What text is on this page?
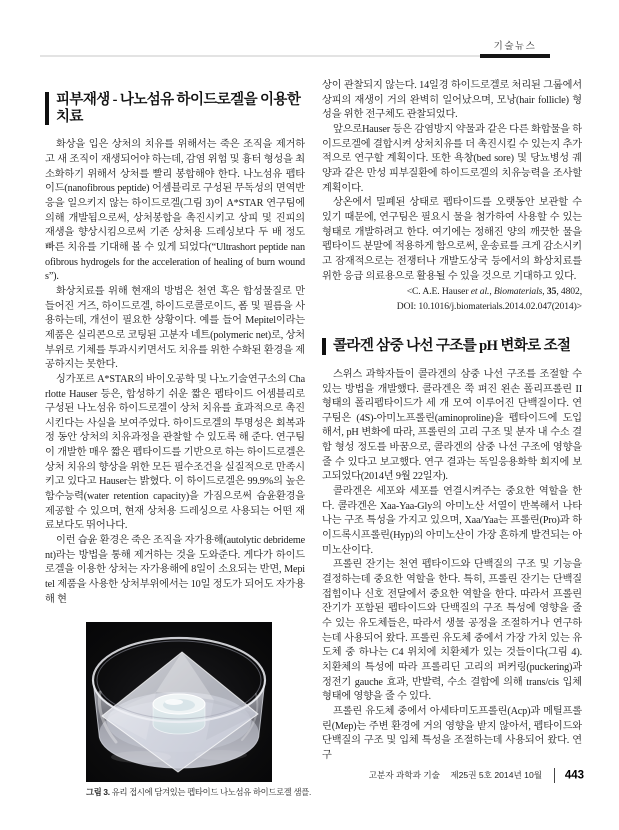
기술뉴스
피부재생 - 나노섬유 하이드로겔을 이용한 치료

화상을 입은 상처의 치유를 위해서는 죽은 조직을 제거하고 새 조직이 재생되어야 하는데, 감염 위험 및 흉터 형성을 최소화하기 위해서 상처를 빨리 봉합해야 한다. 나노섬유 펩타이드(nanofibrous peptide) 어셈블리로 구성된 무독성의 면역반응을 일으키지 않는 하이드로겔(그림 3)이 A*STAR 연구팀에 의해 개발됨으로써, 상처봉합을 촉진시키고 상피 및 진피의 재생을 향상시킴으로써 기존 상처용 드레싱보다 두 배 정도 빠른 치유를 기대해 볼 수 있게 되었다(“Ultrashort peptide nanofibrous hydrogels for the acceleration of healing of burn wounds”).

화상치료를 위해 현재의 방법은 천연 혹은 합성물질로 만들어진 거즈, 하이드로겔, 하이드로콜로이드, 폼 및 필름을 사용하는데, 개선이 필요한 상황이다. 예를 들어 Mepitel이라는 제품은 실리콘으로 코팅된 고분자 네트(polymeric net)로, 상처 부위로 기체를 투과시키면서도 치유를 위한 수화된 환경을 제공하지는 못한다.

싱가포르 A*STAR의 바이오공학 및 나노기술연구소의 Charlotte Hauser 등은, 합성하기 쉬운 짧은 펩타이드 어셈블리로 구성된 나노섬유 하이드로겔이 상처 치유를 효과적으로 촉진시킨다는 사실을 보여주었다. 하이드로겔의 투명성은 회복과정 동안 상처의 치유과정을 관찰할 수 있도록 해 준다. 연구팀이 개발한 매우 짧은 펩타이드를 기반으로 하는 하이드로겔은 상처 치유의 향상을 위한 모든 필수조건을 실질적으로 만족시키고 있다고 Hauser는 밝혔다. 이 하이드로겔은 99.9%의 높은 함수능력(water retention capacity)을 가짐으로써 습윤환경을 제공할 수 있으며, 현재 상처용 드레싱으로 사용되는 어떤 재료보다도 뛰어나다.

이런 습윤 환경은 죽은 조직을 자가용해(autolytic debridement)라는 방법을 통해 제거하는 것을 도와준다. 게다가 하이드로겔을 이용한 상처는 자가용해에 8일이 소요되는 반면, Mepitel 제품을 사용한 상처부위에서는 10일 정도가 되어도 자가용해 현

그림 3. 유리 접시에 담겨있는 펩타이드 나노섬유 하이드로겔 샘플.

상이 관찰되지 않는다. 14일경 하이드로겔로 처리된 그룹에서 상피의 재생이 거의 완벽히 일어났으며, 모낭(hair follicle) 형성을 위한 전구체도 관찰되었다.

앞으로Hauser 등은 감염방지 약물과 같은 다른 화합물을 하이드로겔에 결합시켜 상처치유를 더 촉진시킬 수 있는지 추가적으로 연구할 계획이다. 또한 욕창(bed sore) 및 당뇨병성 궤양과 같은 만성 피부질환에 하이드로겔의 치유능력을 조사할 계획이다.

상온에서 밀폐된 상태로 펩타이드를 오랫동안 보관할 수 있기 때문에, 연구팀은 필요시 물을 첨가하여 사용할 수 있는 형태로 개발하려고 한다. 여기에는 정해진 양의 깨끗한 물을 펩타이드 분말에 적용하게 함으로써, 운송료를 크게 감소시키고 잠재적으로는 전쟁터나 개발도상국 등에서의 화상치료를 위한 응급 의료용으로 활용될 수 있을 것으로 기대하고 있다.

<C. A.E. Hauser et al., Biomaterials, 35, 4802,
DOI: 10.1016/j.biomaterials.2014.02.047(2014)>
콜라겐 삼중 나선 구조를 pH 변화로 조절

스위스 과학자들이 콜라겐의 삼중 나선 구조를 조절할 수 있는 방법을 개발했다. 콜라겐은 쭉 펴진 왼손 폴리프롤린 II 형태의 폴리펩타이드가 세 개 모여 이루어진 단백질이다. 연구팀은 (4S)-아미노프롤린(aminoproline)을 펩타이드에 도입해서, pH 변화에 따라, 프롤린의 고리 구조 및 분자 내 수소 결합 형성 정도를 바꿈으로, 콜라겐의 삼중 나선 구조에 영향을 줄 수 있다고 보고했다. 연구 결과는 독일응용화학 회지에 보고되었다(2014년 9월 22일자).

콜라겐은 세포와 세포를 연결시켜주는 중요한 역할을 한다. 콜라겐은 Xaa-Yaa-Gly의 아미노산 서열이 반복해서 나타나는 구조 특성을 가지고 있으며, Xaa/Yaa는 프롤린(Pro)과 하이드록시프롤린(Hyp)의 아미노산이 가장 흔하게 발견되는 아미노산이다.

프롤린 잔기는 천연 펩타이드와 단백질의 구조 및 기능을 결정하는데 중요한 역할을 한다. 특히, 프롤린 잔기는 단백질 접힘이나 신호 전달에서 중요한 역할을 한다. 따라서 프롤린 잔기가 포함된 펩타이드와 단백질의 구조 특성에 영향을 줄 수 있는 유도체들은, 따라서 생물 공정을 조절하거나 연구하는데 사용되어 왔다. 프롤린 유도체 중에서 가장 가치 있는 유도체 중 하나는 C4 위치에 치환체가 있는 것들이다(그림 4). 치환체의 특성에 따라 프롤리딘 고리의 퍼커링(puckering)과 정전기 gauche 효과, 반발력, 수소 결합에 의해 trans/cis 입체 형태에 영향을 줄 수 있다.

프롤린 유도체 중에서 아세타미도프롤린(Acp)과 메틸프롤린(Mep)는 주변 환경에 거의 영향을 받지 않아서, 펩타이드와 단백질의 구조 및 입체 특성을 조절하는데 사용되어 왔다. 연구

고분자 과학과 기술 제25권 5호 2014년 10월 443
